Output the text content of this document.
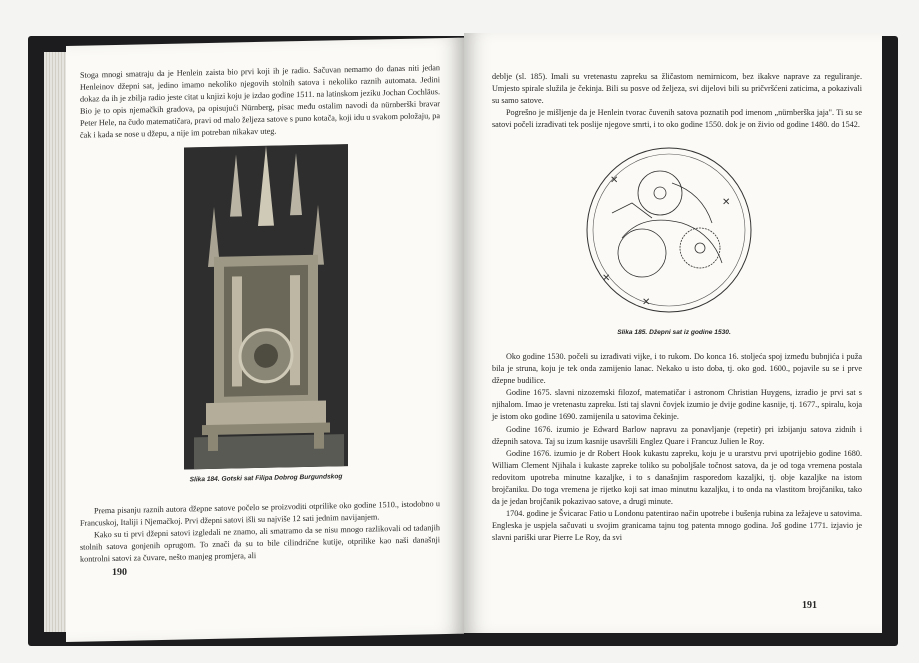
Stoga mnogi smatraju da je Henlein zaista bio prvi koji ih je radio. Sačuvan nemamo do danas niti jedan Henleinov džepni sat, jedino imamo nekoliko njegovih stolnih satova i nekoliko raznih automata. Jedini dokaz da ih je zbilja radio jeste citat u knjizi koju je izdao godine 1511. na latinskom jeziku Jochan Cochläus. Bio je to opis njemačkih gradova, pa opisujući Nürnberg, pisac među ostalim navodi da nürnberški bravar Peter Hele, na čudo matematičara, pravi od malo željeza satove s puno kotača, koji idu u svakom položaju, pa čak i kada se nose u džepu, a nije im potreban nikakav uteg.

Slika 184. Gotski sat Filipa Dobrog Burgundskog

Prema pisanju raznih autora džepne satove počelo se proizvoditi otprilike oko godine 1510., istodobno u Francuskoj, Italiji i Njemačkoj. Prvi džepni satovi išli su najviše 12 sati jednim navijanjem.

Kako su ti prvi džepni satovi izgledali ne znamo, ali smatramo da se nisu mnogo razlikovali od tadanjih stolnih satova gonjenih oprugom. To znači da su to bile cilindrične kutije, otprilike kao naši današnji kontrolni satovi za čuvare, nešto manjeg promjera, ali

190

deblje (sl. 185). Imali su vretenastu zapreku sa žličastom nemirnicom, bez ikakve naprave za reguliranje. Umjesto spirale služila je čekinja. Bili su posve od željeza, svi dijelovi bili su pričvršćeni zaticima, a pokazivali su samo satove.

Pogrešno je mišljenje da je Henlein tvorac čuvenih satova poznatih pod imenom „nürnberška jaja". Ti su se satovi počeli izrađivati tek poslije njegove smrti, i to oko godine 1550. dok je on živio od godine 1480. do 1542.

✕
✕
✕
✕
Slika 185. Džepni sat iz godine 1530.

Oko godine 1530. počeli su izrađivati vijke, i to rukom. Do konca 16. stoljeća spoj između bubnjića i puža bila je struna, koju je tek onda zamijenio lanac. Nekako u isto doba, tj. oko god. 1600., pojavile su se i prve džepne budilice.

Godine 1675. slavni nizozemski filozof, matematičar i astronom Christian Huygens, izradio je prvi sat s njihalom. Imao je vretenastu zapreku. Isti taj slavni čovjek izumio je dvije godine kasnije, tj. 1677., spiralu, koja je istom oko godine 1690. zamijenila u satovima čekinje.

Godine 1676. izumio je Edward Barlow napravu za ponavljanje (repetir) pri izbijanju satova zidnih i džepnih satova. Taj su izum kasnije usavršili Englez Quare i Francuz Julien le Roy.

Godine 1676. izumio je dr Robert Hook kukastu zapreku, koju je u urarstvu prvi upotrijebio godine 1680. William Clement Njihala i kukaste zapreke toliko su poboljšale točnost satova, da je od toga vremena postala redovitom upotreba minutne kazaljke, i to s današnjim rasporedom kazaljki, tj. obje kazaljke na istom brojčaniku. Do toga vremena je rijetko koji sat imao minutnu kazaljku, i to onda na vlastitom brojčaniku, tako da je jedan brojčanik pokazivao satove, a drugi minute.

1704. godine je Švicarac Fatio u Londonu patentirao način upotrebe i bušenja rubina za ležajeve u satovima. Engleska je uspjela sačuvati u svojim granicama tajnu tog patenta mnogo godina. Još godine 1771. izjavio je slavni pariški urar Pierre Le Roy, da svi

191
